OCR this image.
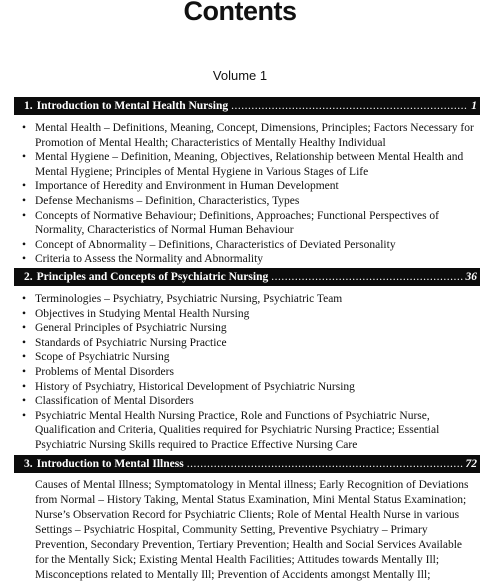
Contents
Volume 1
1. Introduction to Mental Health Nursing .....	1
• Mental Health – Definitions, Meaning, Concept, Dimensions, Principles; Factors Necessary for Promotion of Mental Health; Characteristics of Mentally Healthy Individual
• Mental Hygiene – Definition, Meaning, Objectives, Relationship between Mental Health and Mental Hygiene; Principles of Mental Hygiene in Various Stages of Life
• Importance of Heredity and Environment in Human Development
• Defense Mechanisms – Definition, Characteristics, Types
• Concepts of Normative Behaviour; Definitions, Approaches; Functional Perspectives of Normality, Characteristics of Normal Human Behaviour
• Concept of Abnormality – Definitions, Characteristics of Deviated Personality
• Criteria to Assess the Normality and Abnormality
2. Principles and Concepts of Psychiatric Nursing .....	36
• Terminologies – Psychiatry, Psychiatric Nursing, Psychiatric Team
• Objectives in Studying Mental Health Nursing
• General Principles of Psychiatric Nursing
• Standards of Psychiatric Nursing Practice
• Scope of Psychiatric Nursing
• Problems of Mental Disorders
• History of Psychiatry, Historical Development of Psychiatric Nursing
• Classification of Mental Disorders
• Psychiatric Mental Health Nursing Practice, Role and Functions of Psychiatric Nurse, Qualification and Criteria, Qualities required for Psychiatric Nursing Practice; Essential Psychiatric Nursing Skills required to Practice Effective Nursing Care
3. Introduction to Mental Illness .....	72

Causes of Mental Illness; Symptomatology in Mental illness; Early Recognition of Deviations from Normal – History Taking, Mental Status Examination, Mini Mental Status Examination; Nurse’s Observation Record for Psychiatric Clients; Role of Mental Health Nurse in various Settings – Psychiatric Hospital, Community Setting, Preventive Psychiatry – Primary Prevention, Secondary Prevention, Tertiary Prevention; Health and Social Services Available for the Mentally Sick; Existing Mental Health Facilities; Attitudes towards Mentally Ill; Misconceptions related to Mentally Ill; Prevention of Accidents amongst Mentally Ill;
